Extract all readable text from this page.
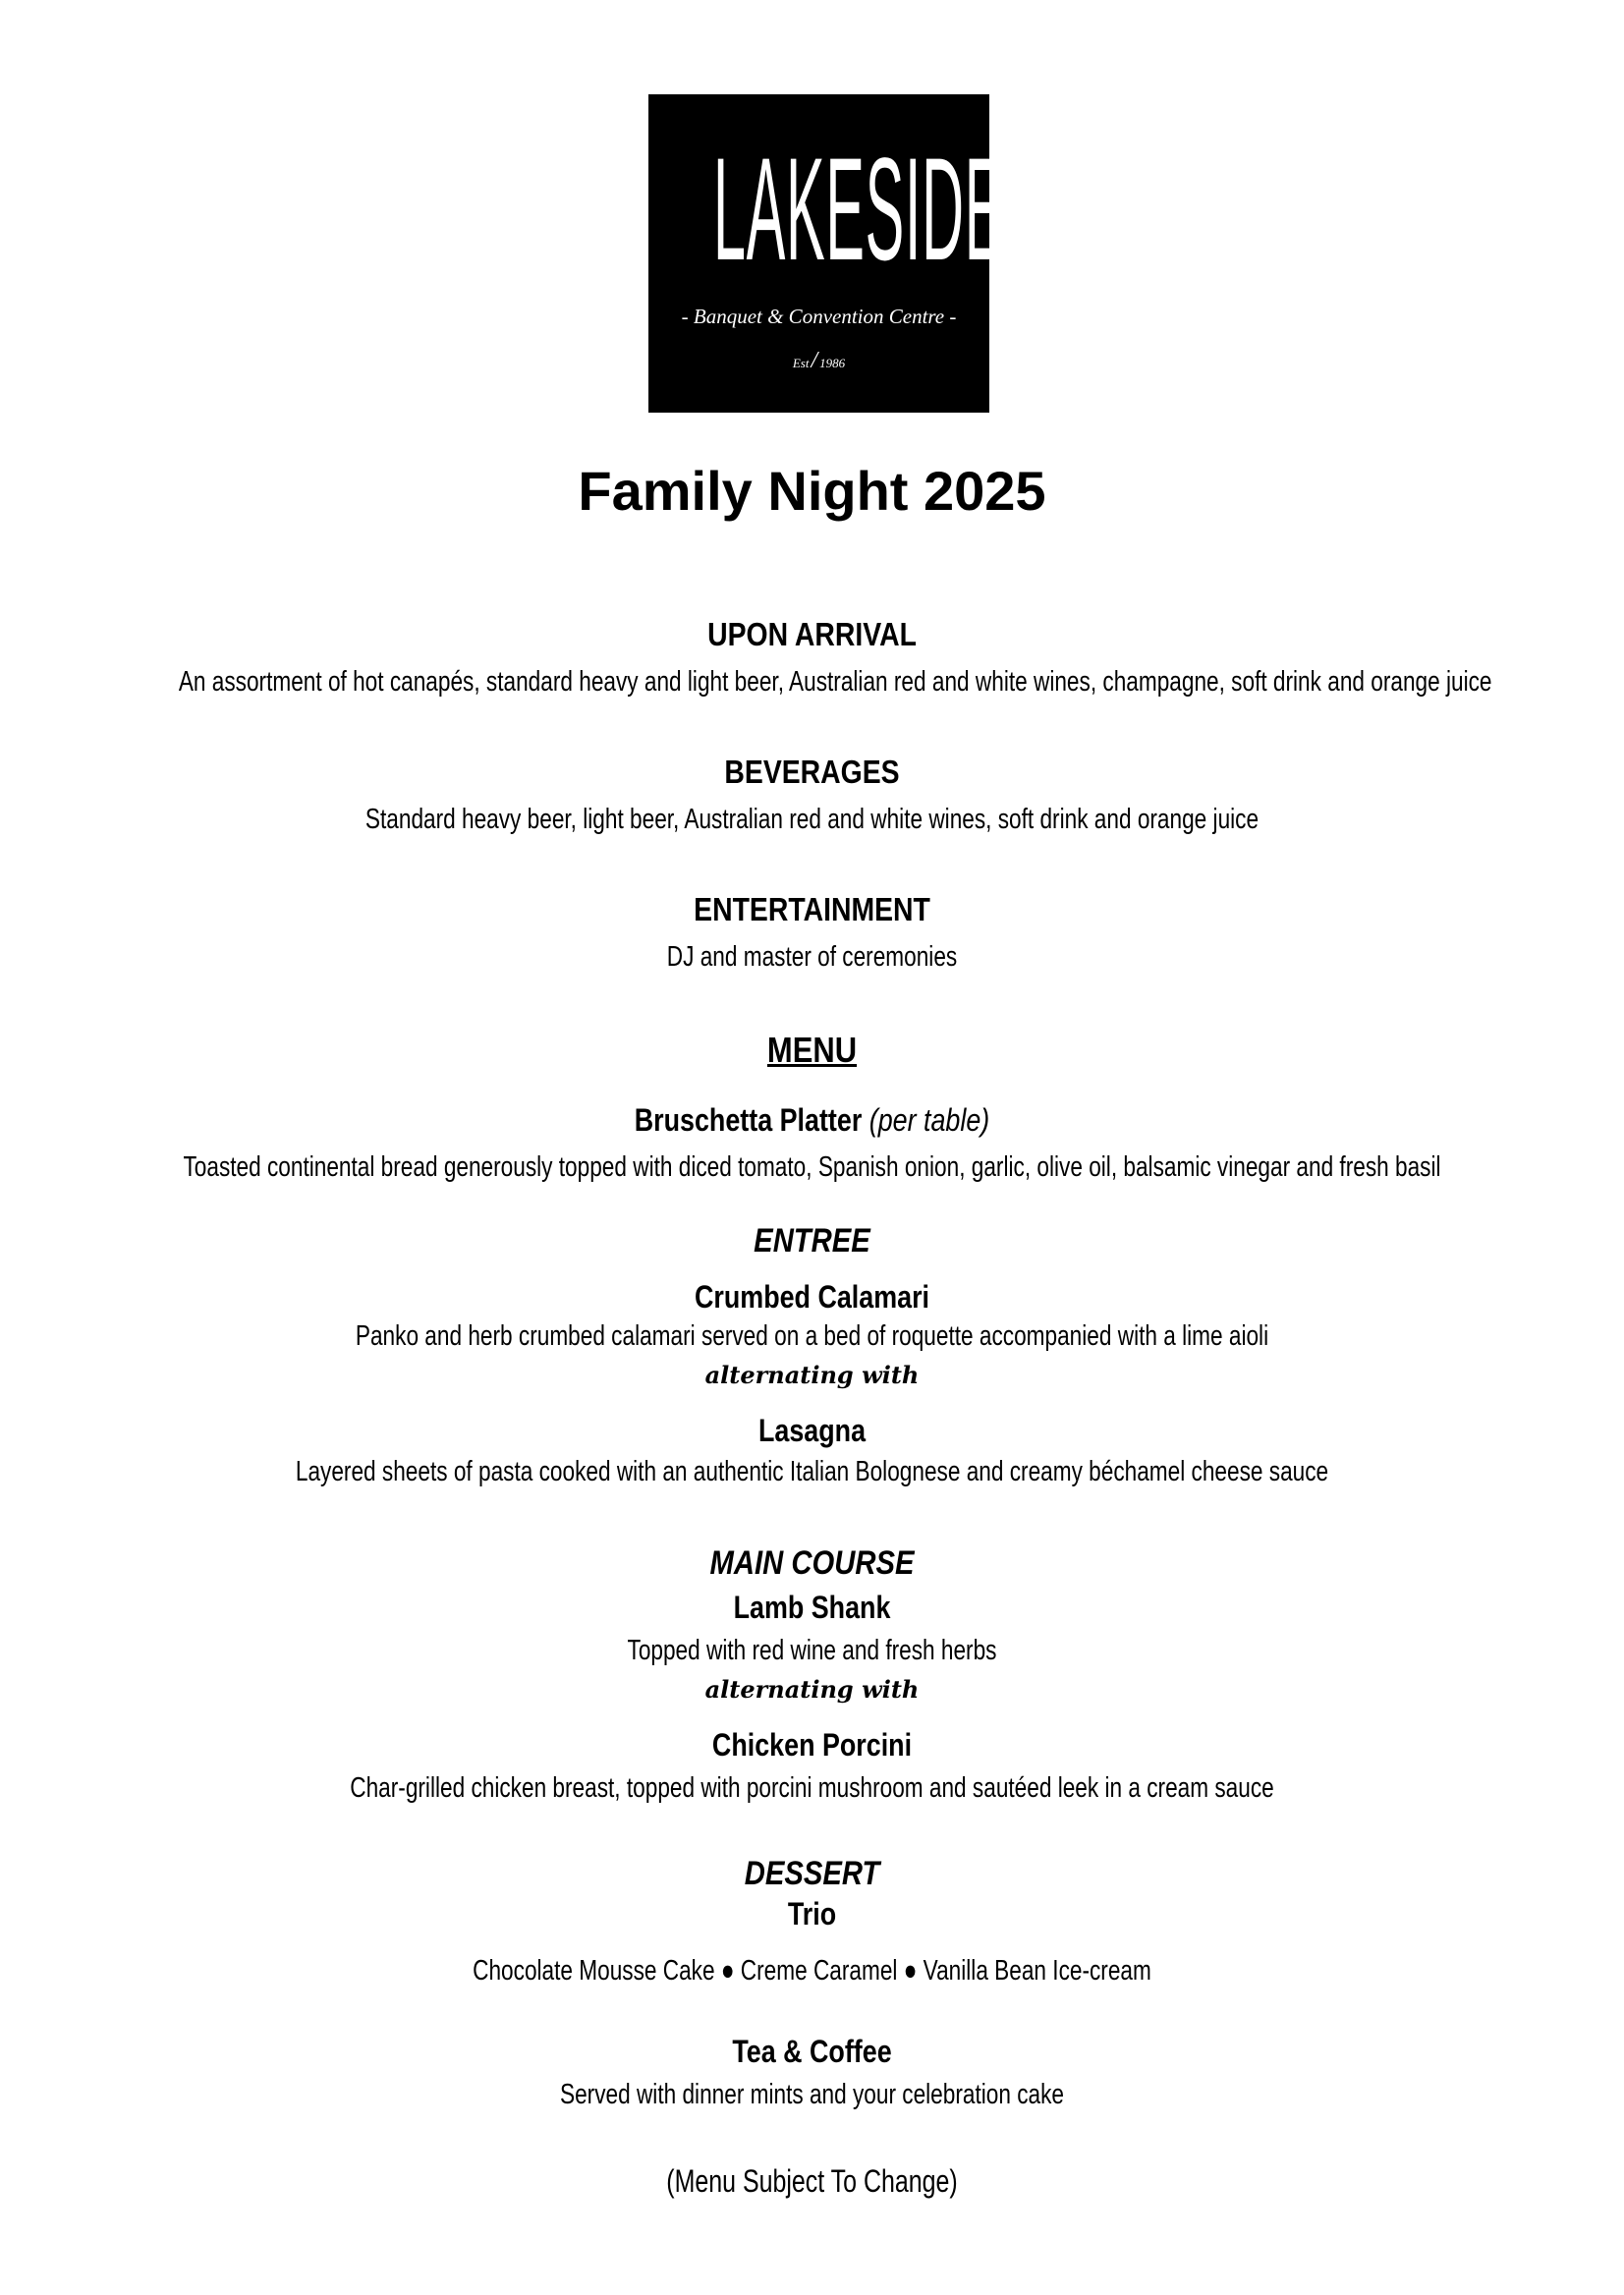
LAKESIDE
- Banquet & Convention Centre -
Est/ 1986
Family Night 2025
UPON ARRIVAL
An assortment of hot canapés, standard heavy and light beer, Australian red and white wines, champagne, soft drink and orange juice
BEVERAGES
Standard heavy beer, light beer, Australian red and white wines, soft drink and orange juice
ENTERTAINMENT
DJ and master of ceremonies
MENU
Bruschetta Platter (per table)
Toasted continental bread generously topped with diced tomato, Spanish onion, garlic, olive oil, balsamic vinegar and fresh basil
ENTREE
Crumbed Calamari
Panko and herb crumbed calamari served on a bed of roquette accompanied with a lime aioli
alternating with
Lasagna
Layered sheets of pasta cooked with an authentic Italian Bolognese and creamy béchamel cheese sauce
MAIN COURSE
Lamb Shank
Topped with red wine and fresh herbs
alternating with
Chicken Porcini
Char-grilled chicken breast, topped with porcini mushroom and sautéed leek in a cream sauce
DESSERT
Trio
Chocolate Mousse Cake ● Creme Caramel ● Vanilla Bean Ice-cream
Tea & Coffee
Served with dinner mints and your celebration cake
(Menu Subject To Change)
